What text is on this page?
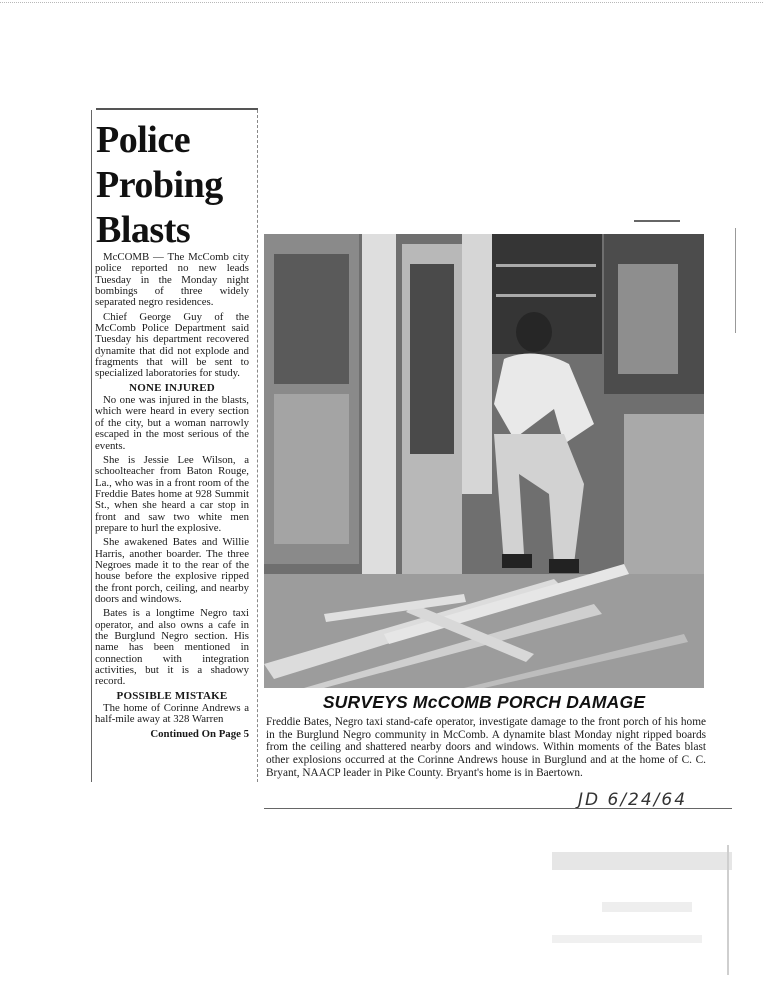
Police
Probing
Blasts

McCOMB — The McComb city police reported no new leads Tuesday in the Monday night bombings of three widely separated negro residences.

Chief George Guy of the McComb Police Department said Tuesday his department recovered dynamite that did not explode and fragments that will be sent to specialized laboratories for study.

NONE INJURED

No one was injured in the blasts, which were heard in every section of the city, but a woman narrowly escaped in the most serious of the events.

She is Jessie Lee Wilson, a schoolteacher from Baton Rouge, La., who was in a front room of the Freddie Bates home at 928 Summit St., when she heard a car stop in front and saw two white men prepare to hurl the explosive.

She awakened Bates and Willie Harris, another boarder. The three Negroes made it to the rear of the house before the explosive ripped the front porch, ceiling, and nearby doors and windows.

Bates is a longtime Negro taxi operator, and also owns a cafe in the Burglund Negro section. His name has been mentioned in connection with integration activities, but it is a shadowy record.

POSSIBLE MISTAKE

The home of Corinne Andrews a half-mile away at 328 Warren

Continued On Page 5

SURVEYS McCOMB PORCH DAMAGE

Freddie Bates, Negro taxi stand-cafe operator, investigate damage to the front porch of his home in the Burglund Negro community in McComb. A dynamite blast Monday night ripped boards from the ceiling and shattered nearby doors and windows. Within moments of the Bates blast other explosions occurred at the Corinne Andrews house in Burglund and at the home of C. C. Bryant, NAACP leader in Pike County. Bryant's home is in Baertown.

JD 6/24/64
